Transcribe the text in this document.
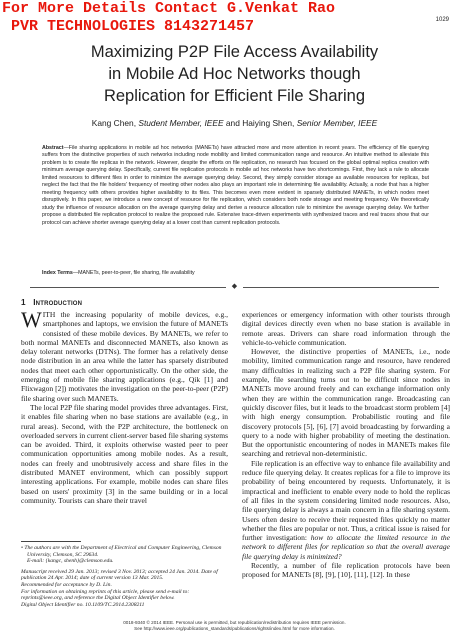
For More Details Contact G.Venkat Rao
PVR TECHNOLOGIES 8143271457	1029
Maximizing P2P File Access Availability
in Mobile Ad Hoc Networks though
Replication for Efficient File Sharing
Kang Chen, Student Member, IEEE and Haiying Shen, Senior Member, IEEE
Abstract—File sharing applications in mobile ad hoc networks (MANETs) have attracted more and more attention in recent years. The efficiency of file querying suffers from the distinctive properties of such networks including node mobility and limited communication range and resource. An intuitive method to alleviate this problem is to create file replicas in the network. However, despite the efforts on file replication, no research has focused on the global optimal replica creation with minimum average querying delay. Specifically, current file replication protocols in mobile ad hoc networks have two shortcomings. First, they lack a rule to allocate limited resources to different files in order to minimize the average querying delay. Second, they simply consider storage as available resources for replicas, but neglect the fact that the file holders' frequency of meeting other nodes also plays an important role in determining file availability. Actually, a node that has a higher meeting frequency with others provides higher availability to its files. This becomes even more evident in sparsely distributed MANETs, in which nodes meet disruptively. In this paper, we introduce a new concept of resource for file replication, which considers both node storage and meeting frequency. We theoretically study the influence of resource allocation on the average querying delay and derive a resource allocation rule to minimize the average querying delay. We further propose a distributed file replication protocol to realize the proposed rule. Extensive trace-driven experiments with synthesized traces and real traces show that our protocol can achieve shorter average querying delay at a lower cost than current replication protocols.
Index Terms—MANETs, peer-to-peer, file sharing, file availability
◆
1 Introduction

WITH the increasing popularity of mobile devices, e.g., smartphones and laptops, we envision the future of MANETs consisted of these mobile devices. By MANETs, we refer to both normal MANETs and disconnected MANETs, also known as delay tolerant networks (DTNs). The former has a relatively dense node distribution in an area while the latter has sparsely distributed nodes that meet each other opportunistically. On the other side, the emerging of mobile file sharing applications (e.g., Qik [1] and Flixwagon [2]) motivates the investigation on the peer-to-peer (P2P) file sharing over such MANETs.

The local P2P file sharing model provides three advantages. First, it enables file sharing when no base stations are available (e.g., in rural areas). Second, with the P2P architecture, the bottleneck on overloaded servers in current client-server based file sharing systems can be avoided. Third, it exploits otherwise wasted peer to peer communication opportunities among mobile nodes. As a result, nodes can freely and unobtrusively access and share files in the distributed MANET environment, which can possibly support interesting applications. For example, mobile nodes can share files based on users' proximity [3] in the same building or in a local community. Tourists can share their travel

experiences or emergency information with other tourists through digital devices directly even when no base station is available in remote areas. Drivers can share road information through the vehicle-to-vehicle communication.

However, the distinctive properties of MANETs, i.e., node mobility, limited communication range and resource, have rendered many difficulties in realizing such a P2P file sharing system. For example, file searching turns out to be difficult since nodes in MANETs move around freely and can exchange information only when they are within the communication range. Broadcasting can quickly discover files, but it leads to the broadcast storm problem [4] with high energy consumption. Probabilistic routing and file discovery protocols [5], [6], [7] avoid broadcasting by forwarding a query to a node with higher probability of meeting the destination. But the opportunistic encountering of nodes in MANETs makes file searching and retrieval non-deterministic.

File replication is an effective way to enhance file availability and reduce file querying delay. It creates replicas for a file to improve its probability of being encountered by requests. Unfortunately, it is impractical and inefficient to enable every node to hold the replicas of all files in the system considering limited node resources. Also, file querying delay is always a main concern in a file sharing system. Users often desire to receive their requested files quickly no matter whether the files are popular or not. Thus, a critical issue is raised for further investigation: how to allocate the limited resource in the network to different files for replication so that the overall average file querying delay is minimized?

Recently, a number of file replication protocols have been proposed for MANETs [8], [9], [10], [11], [12]. In these

• The authors are with the Department of Electrical and Computer Engineering, Clemson University, Clemson, SC 29634.
E-mail: {kangc, shenh}@clemson.edu.

Manuscript received 29 Jan. 2013; revised 3 Nov. 2013; accepted 24 Jan. 2014. Date of publication 24 Apr. 2014; date of current version 13 Mar. 2015.

Recommended for acceptance by D. Lin.

For information on obtaining reprints of this article, please send e-mail to: reprints@ieee.org, and reference the Digital Object Identifier below.

Digital Object Identifier no. 10.1109/TC.2014.2308211

0018-9340 © 2014 IEEE. Personal use is permitted, but republication/redistribution requires IEEE permission.
See http://www.ieee.org/publications_standards/publications/rights/index.html for more information.
